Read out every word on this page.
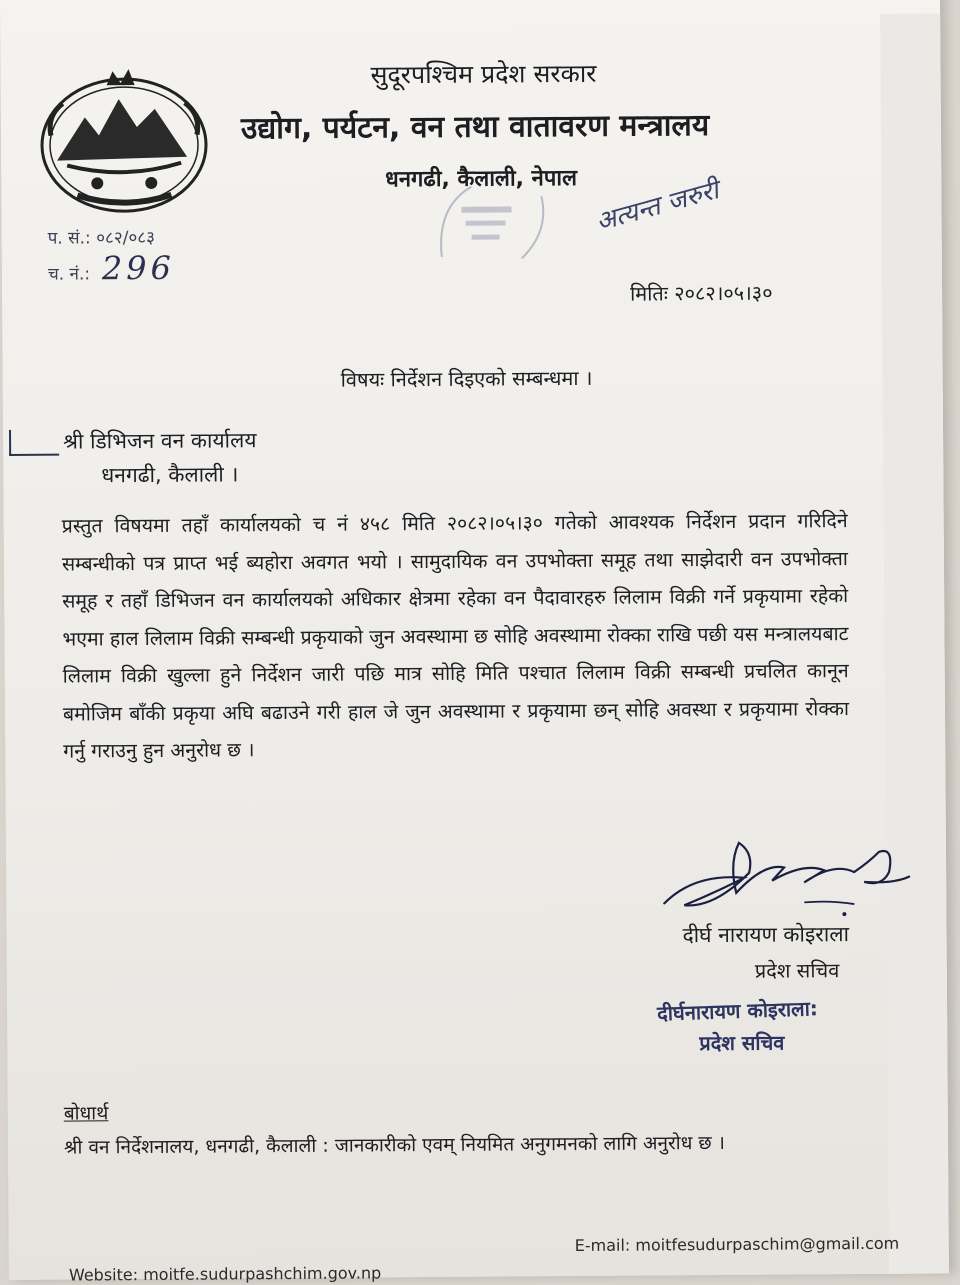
सुदूरपश्चिम प्रदेश सरकार
उद्योग, पर्यटन, वन तथा वातावरण मन्त्रालय
धनगढी, कैलाली, नेपाल
प. सं.: ०८२/०८३
च. नं.: 296
अत्यन्त जरुरी
मितिः २०८२।०५।३०
विषयः निर्देशन दिइएको सम्बन्धमा ।
श्री डिभिजन वन कार्यालय
धनगढी, कैलाली ।
प्रस्तुत विषयमा तहाँ कार्यालयको च नं ४५८ मिति २०८२।०५।३० गतेको आवश्यक निर्देशन प्रदान गरिदिने सम्बन्धीको पत्र प्राप्त भई ब्यहोरा अवगत भयो । सामुदायिक वन उपभोक्ता समूह तथा साझेदारी वन उपभोक्ता समूह र तहाँ डिभिजन वन कार्यालयको अधिकार क्षेत्रमा रहेका वन पैदावारहरु लिलाम विक्री गर्ने प्रकृयामा रहेको भएमा हाल लिलाम विक्री सम्बन्धी प्रकृयाको जुन अवस्थामा छ सोहि अवस्थामा रोक्का राखि पछी यस मन्त्रालयबाट लिलाम विक्री खुल्ला हुने निर्देशन जारी पछि मात्र सोहि मिति पश्चात लिलाम विक्री सम्बन्धी प्रचलित कानून बमोजिम बाँकी प्रकृया अघि बढाउने गरी हाल जे जुन अवस्थामा र प्रकृयामा छन् सोहि अवस्था र प्रकृयामा रोक्का गर्नु गराउनु हुन अनुरोध छ ।
दीर्घ नारायण कोइराला
प्रदेश सचिव
दीर्घनारायण कोइराला:
प्रदेश सचिव
बोधार्थ
श्री वन निर्देशनालय, धनगढी, कैलाली : जानकारीको एवम् नियमित अनुगमनको लागि अनुरोध छ ।
E-mail: moitfesudurpaschim@gmail.com
Website: moitfe.sudurpashchim.gov.np
